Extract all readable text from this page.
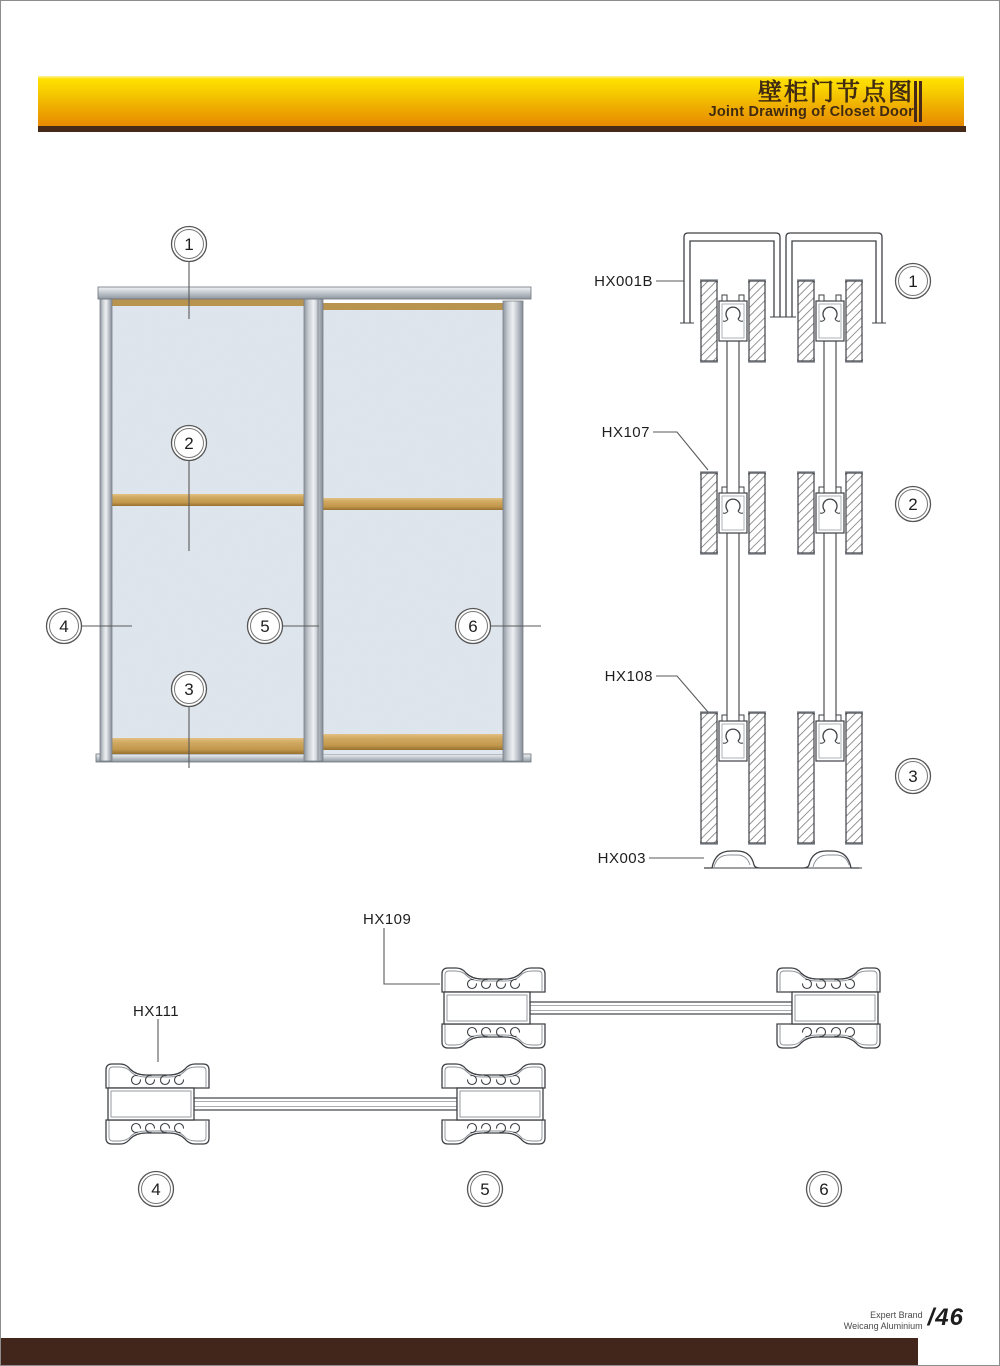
壁柜门节点图
Joint Drawing of Closet Door
1
2
3
4	5	6
HX001B
HX107
HX108
HX003
1
2
3
HX109
HX111
4	5	6
Expert Brand
Weicang Aluminium /46
